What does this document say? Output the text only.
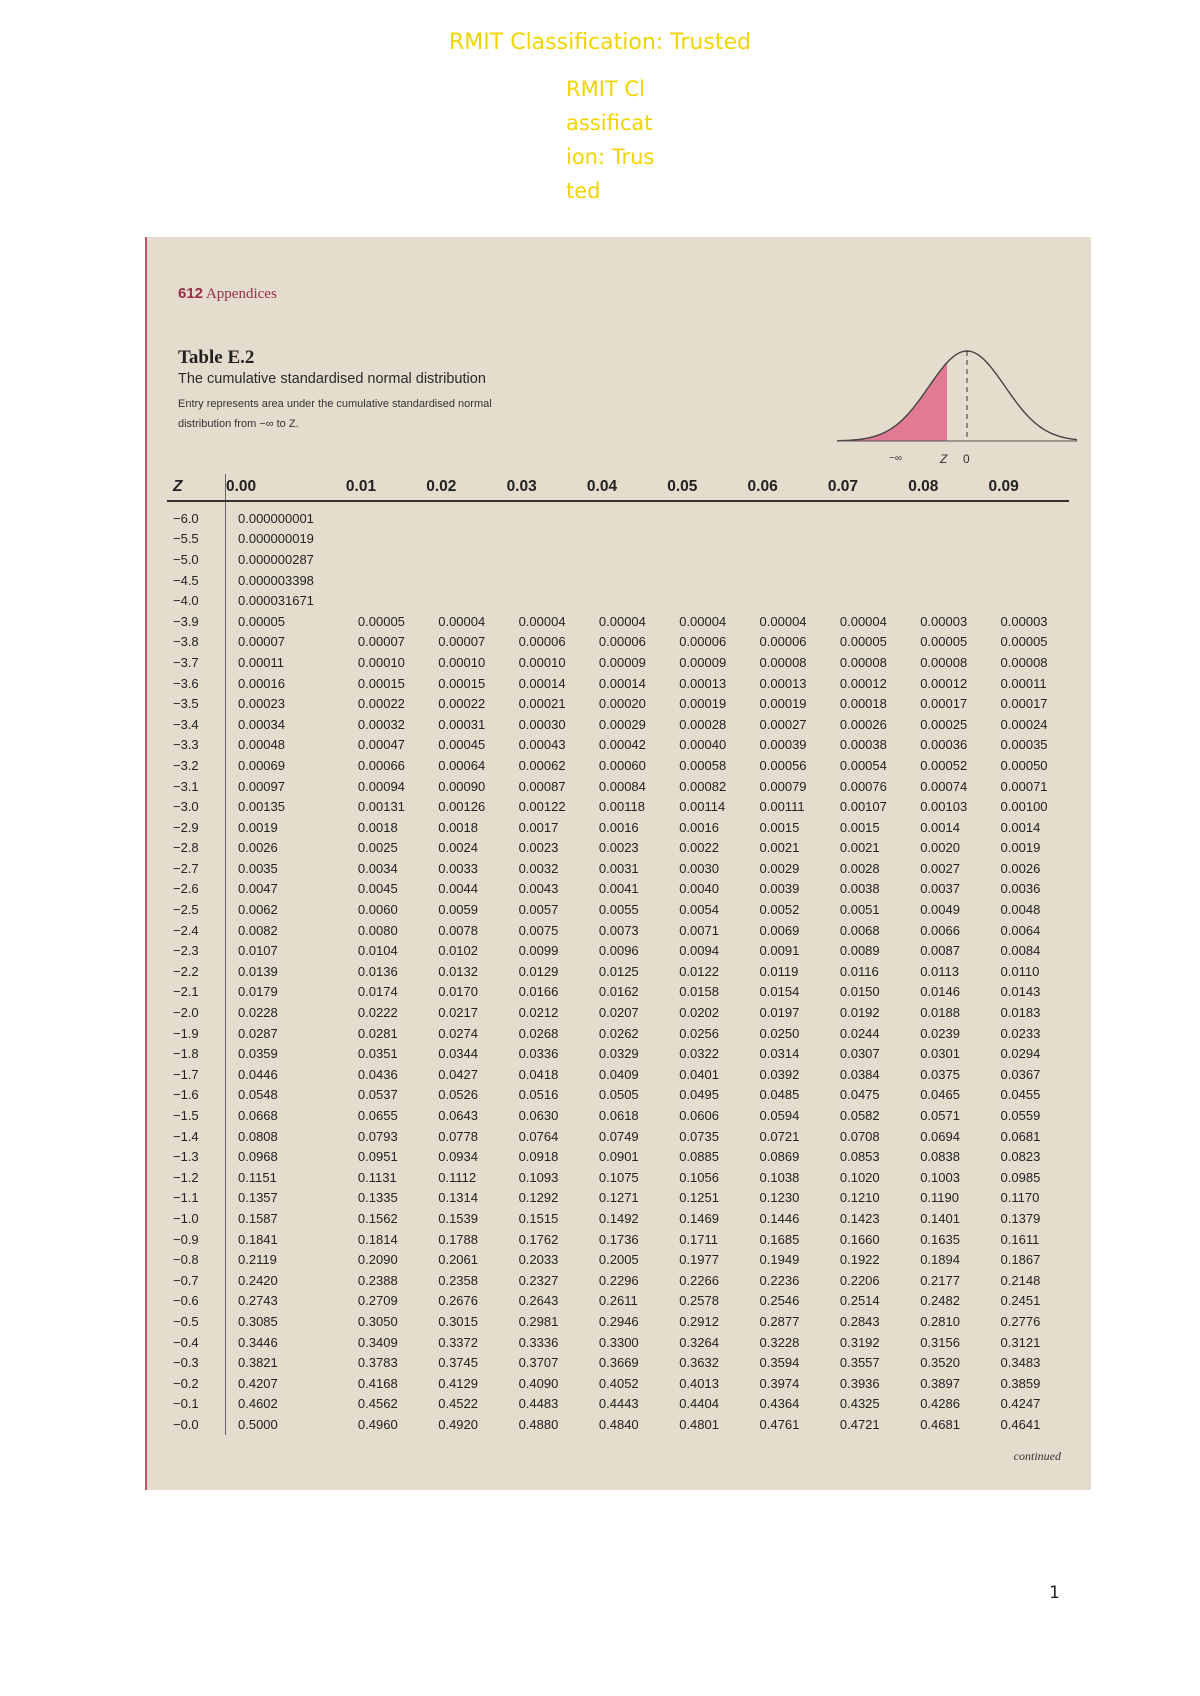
RMIT Classification: Trusted
RMIT Classification: Trusted
612 Appendices
Table E.2
The cumulative standardised normal distribution
Entry represents area under the cumulative standardised normal distribution from −∞ to Z.
−∞	Z 0
Z	0.00	0.01	0.02	0.03	0.04	0.05	0.06	0.07	0.08	0.09
−6.0	0.000000001									
−5.5	0.000000019									
−5.0	0.000000287									
−4.5	0.000003398									
−4.0	0.000031671									
−3.9	0.00005	0.00005	0.00004	0.00004	0.00004	0.00004	0.00004	0.00004	0.00003	0.00003
−3.8	0.00007	0.00007	0.00007	0.00006	0.00006	0.00006	0.00006	0.00005	0.00005	0.00005
−3.7	0.00011	0.00010	0.00010	0.00010	0.00009	0.00009	0.00008	0.00008	0.00008	0.00008
−3.6	0.00016	0.00015	0.00015	0.00014	0.00014	0.00013	0.00013	0.00012	0.00012	0.00011
−3.5	0.00023	0.00022	0.00022	0.00021	0.00020	0.00019	0.00019	0.00018	0.00017	0.00017
−3.4	0.00034	0.00032	0.00031	0.00030	0.00029	0.00028	0.00027	0.00026	0.00025	0.00024
−3.3	0.00048	0.00047	0.00045	0.00043	0.00042	0.00040	0.00039	0.00038	0.00036	0.00035
−3.2	0.00069	0.00066	0.00064	0.00062	0.00060	0.00058	0.00056	0.00054	0.00052	0.00050
−3.1	0.00097	0.00094	0.00090	0.00087	0.00084	0.00082	0.00079	0.00076	0.00074	0.00071
−3.0	0.00135	0.00131	0.00126	0.00122	0.00118	0.00114	0.00111	0.00107	0.00103	0.00100
−2.9	0.0019	0.0018	0.0018	0.0017	0.0016	0.0016	0.0015	0.0015	0.0014	0.0014
−2.8	0.0026	0.0025	0.0024	0.0023	0.0023	0.0022	0.0021	0.0021	0.0020	0.0019
−2.7	0.0035	0.0034	0.0033	0.0032	0.0031	0.0030	0.0029	0.0028	0.0027	0.0026
−2.6	0.0047	0.0045	0.0044	0.0043	0.0041	0.0040	0.0039	0.0038	0.0037	0.0036
−2.5	0.0062	0.0060	0.0059	0.0057	0.0055	0.0054	0.0052	0.0051	0.0049	0.0048
−2.4	0.0082	0.0080	0.0078	0.0075	0.0073	0.0071	0.0069	0.0068	0.0066	0.0064
−2.3	0.0107	0.0104	0.0102	0.0099	0.0096	0.0094	0.0091	0.0089	0.0087	0.0084
−2.2	0.0139	0.0136	0.0132	0.0129	0.0125	0.0122	0.0119	0.0116	0.0113	0.0110
−2.1	0.0179	0.0174	0.0170	0.0166	0.0162	0.0158	0.0154	0.0150	0.0146	0.0143
−2.0	0.0228	0.0222	0.0217	0.0212	0.0207	0.0202	0.0197	0.0192	0.0188	0.0183
−1.9	0.0287	0.0281	0.0274	0.0268	0.0262	0.0256	0.0250	0.0244	0.0239	0.0233
−1.8	0.0359	0.0351	0.0344	0.0336	0.0329	0.0322	0.0314	0.0307	0.0301	0.0294
−1.7	0.0446	0.0436	0.0427	0.0418	0.0409	0.0401	0.0392	0.0384	0.0375	0.0367
−1.6	0.0548	0.0537	0.0526	0.0516	0.0505	0.0495	0.0485	0.0475	0.0465	0.0455
−1.5	0.0668	0.0655	0.0643	0.0630	0.0618	0.0606	0.0594	0.0582	0.0571	0.0559
−1.4	0.0808	0.0793	0.0778	0.0764	0.0749	0.0735	0.0721	0.0708	0.0694	0.0681
−1.3	0.0968	0.0951	0.0934	0.0918	0.0901	0.0885	0.0869	0.0853	0.0838	0.0823
−1.2	0.1151	0.1131	0.1112	0.1093	0.1075	0.1056	0.1038	0.1020	0.1003	0.0985
−1.1	0.1357	0.1335	0.1314	0.1292	0.1271	0.1251	0.1230	0.1210	0.1190	0.1170
−1.0	0.1587	0.1562	0.1539	0.1515	0.1492	0.1469	0.1446	0.1423	0.1401	0.1379
−0.9	0.1841	0.1814	0.1788	0.1762	0.1736	0.1711	0.1685	0.1660	0.1635	0.1611
−0.8	0.2119	0.2090	0.2061	0.2033	0.2005	0.1977	0.1949	0.1922	0.1894	0.1867
−0.7	0.2420	0.2388	0.2358	0.2327	0.2296	0.2266	0.2236	0.2206	0.2177	0.2148
−0.6	0.2743	0.2709	0.2676	0.2643	0.2611	0.2578	0.2546	0.2514	0.2482	0.2451
−0.5	0.3085	0.3050	0.3015	0.2981	0.2946	0.2912	0.2877	0.2843	0.2810	0.2776
−0.4	0.3446	0.3409	0.3372	0.3336	0.3300	0.3264	0.3228	0.3192	0.3156	0.3121
−0.3	0.3821	0.3783	0.3745	0.3707	0.3669	0.3632	0.3594	0.3557	0.3520	0.3483
−0.2	0.4207	0.4168	0.4129	0.4090	0.4052	0.4013	0.3974	0.3936	0.3897	0.3859
−0.1	0.4602	0.4562	0.4522	0.4483	0.4443	0.4404	0.4364	0.4325	0.4286	0.4247
−0.0	0.5000	0.4960	0.4920	0.4880	0.4840	0.4801	0.4761	0.4721	0.4681	0.4641
continued
1
